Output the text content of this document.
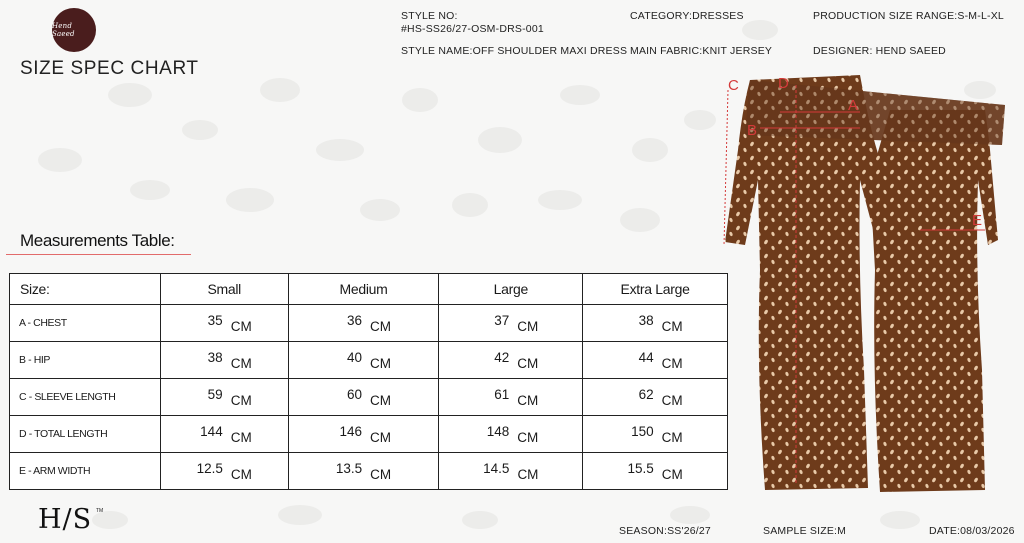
Hend Saeed
SIZE SPEC CHART
STYLE NO:
#HS-SS26/27-OSM-DRS-001
STYLE NAME:OFF SHOULDER MAXI DRESS
CATEGORY:DRESSES
MAIN FABRIC:KNIT JERSEY
PRODUCTION SIZE RANGE:S-M-L-XL
DESIGNER: HEND SAEED
Measurements Table:
Size:	Small	Medium	Large	Extra Large
A - CHEST	35 CM	36 CM	37 CM	38 CM
B - HIP	38 CM	40 CM	42 CM	44 CM
C - SLEEVE LENGTH	59 CM	60 CM	61 CM	62 CM
D - TOTAL LENGTH	144 CM	146 CM	148 CM	150 CM
E - ARM WIDTH	12.5 CM	13.5 CM	14.5 CM	15.5 CM
A
B
C	D
E
H/S TM
SEASON:SS'26/27	SAMPLE SIZE:M	DATE:08/03/2026
